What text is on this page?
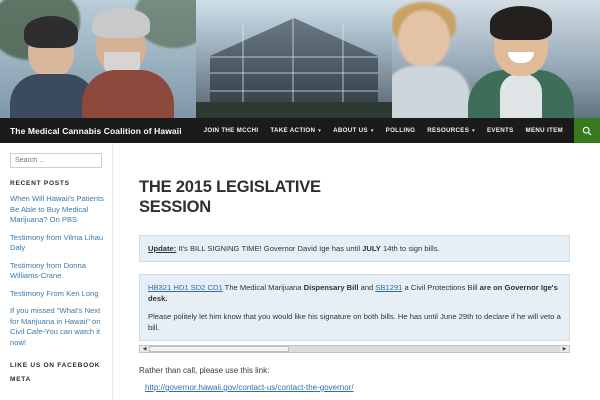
The Medical Cannabis Coalition of Hawaii	JOIN THE MCCHI TAKE ACTION ▾ ABOUT US ▾ POLLING RESOURCES ▾ EVENTS MENU ITEM
Search …
RECENT POSTS
When Will Hawaii's Patients Be Able to Buy Medical Marijuana? On PBS
Testimony from Vilma Lihau Daly
Testimony from Donna Williams-Crane
Testimony From Ken Long
If you missed "What's Next for Marijuana in Hawaii" on Civil Cafe-You can watch it now!
LIKE US ON FACEBOOK
META
THE 2015 LEGISLATIVE SESSION

Update: It's BILL SIGNING TIME! Governor David Ige has until JULY 14th to sign bills.

HB321 HD1 SD2 CD1 The Medical Marijuana Dispensary Bill and SB1291 a Civil Protections Bill are on Governor Ige's desk.

Please politely let him know that you would like his signature on both bills. He has until June 29th to declare if he will veto a bill.

◀	▶

Rather than call, please use this link:

http://governor.hawaii.gov/contact-us/contact-the-governor/
